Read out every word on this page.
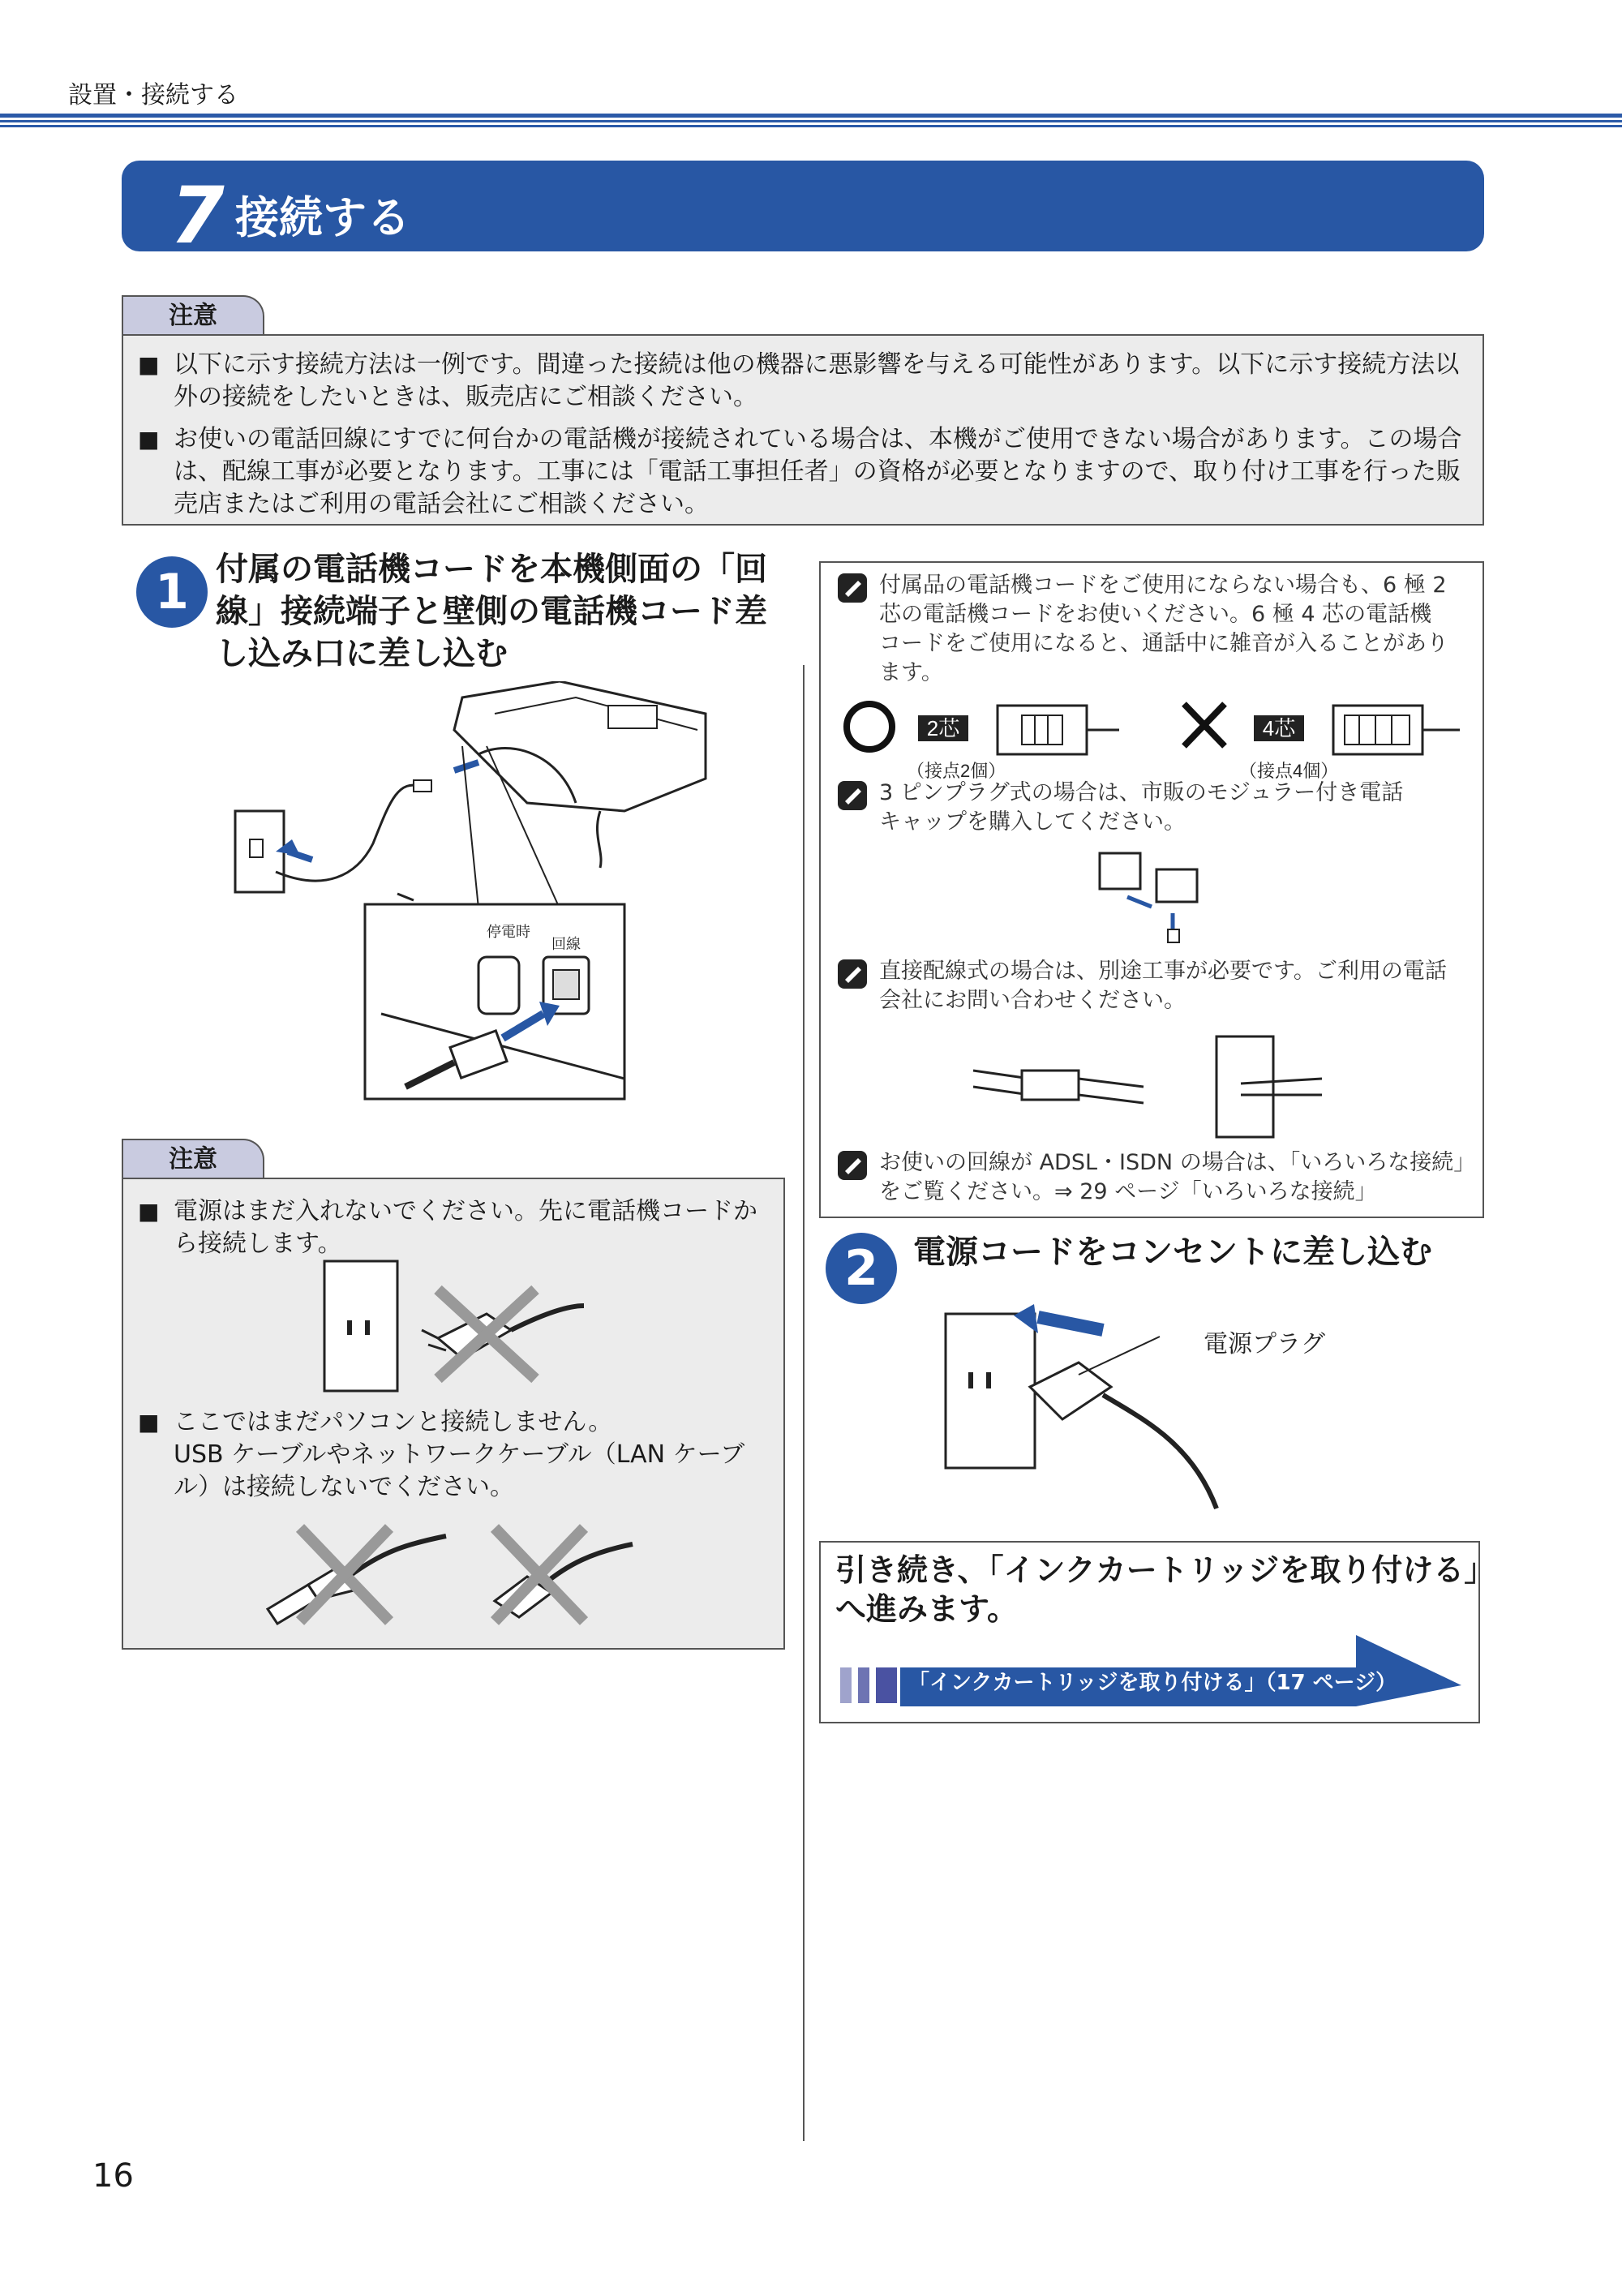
設置・接続する
7 接続する
注意
■ 以下に示す接続方法は一例です。間違った接続は他の機器に悪影響を与える可能性があります。以下に示す接続方法以
外の接続をしたいときは、販売店にご相談ください。
■ お使いの電話回線にすでに何台かの電話機が接続されている場合は、本機がご使用できない場合があります。この場合
は、配線工事が必要となります。工事には「電話工事担任者」の資格が必要となりますので、取り付け工事を行った販
売店またはご利用の電話会社にご相談ください。
1 付属の電話機コードを本機側面の「回
線」接続端子と壁側の電話機コード差
し込み口に差し込む
停電時
回線
注意
■ 電源はまだ入れないでください。先に電話機コードか
ら接続します。
■ ここではまだパソコンと接続しません。
USB ケーブルやネットワークケーブル（LAN ケーブ
ル）は接続しないでください。
付属品の電話機コードをご使用にならない場合も、6 極 2
芯の電話機コードをお使いください。6 極 4 芯の電話機
コードをご使用になると、通話中に雑音が入ることがあり
ます。
2芯
（接点2個）
4芯
（接点4個）
3 ピンプラグ式の場合は、市販のモジュラー付き電話
キャップを購入してください。
直接配線式の場合は、別途工事が必要です。ご利用の電話
会社にお問い合わせください。
お使いの回線が ADSL・ISDN の場合は、「いろいろな接続」
をご覧ください。⇒ 29 ページ「いろいろな接続」
2	電源コードをコンセントに差し込む
電源プラグ
引き続き、「インクカートリッジを取り付ける」
へ進みます。
「インクカートリッジを取り付ける」（17 ページ）
16
